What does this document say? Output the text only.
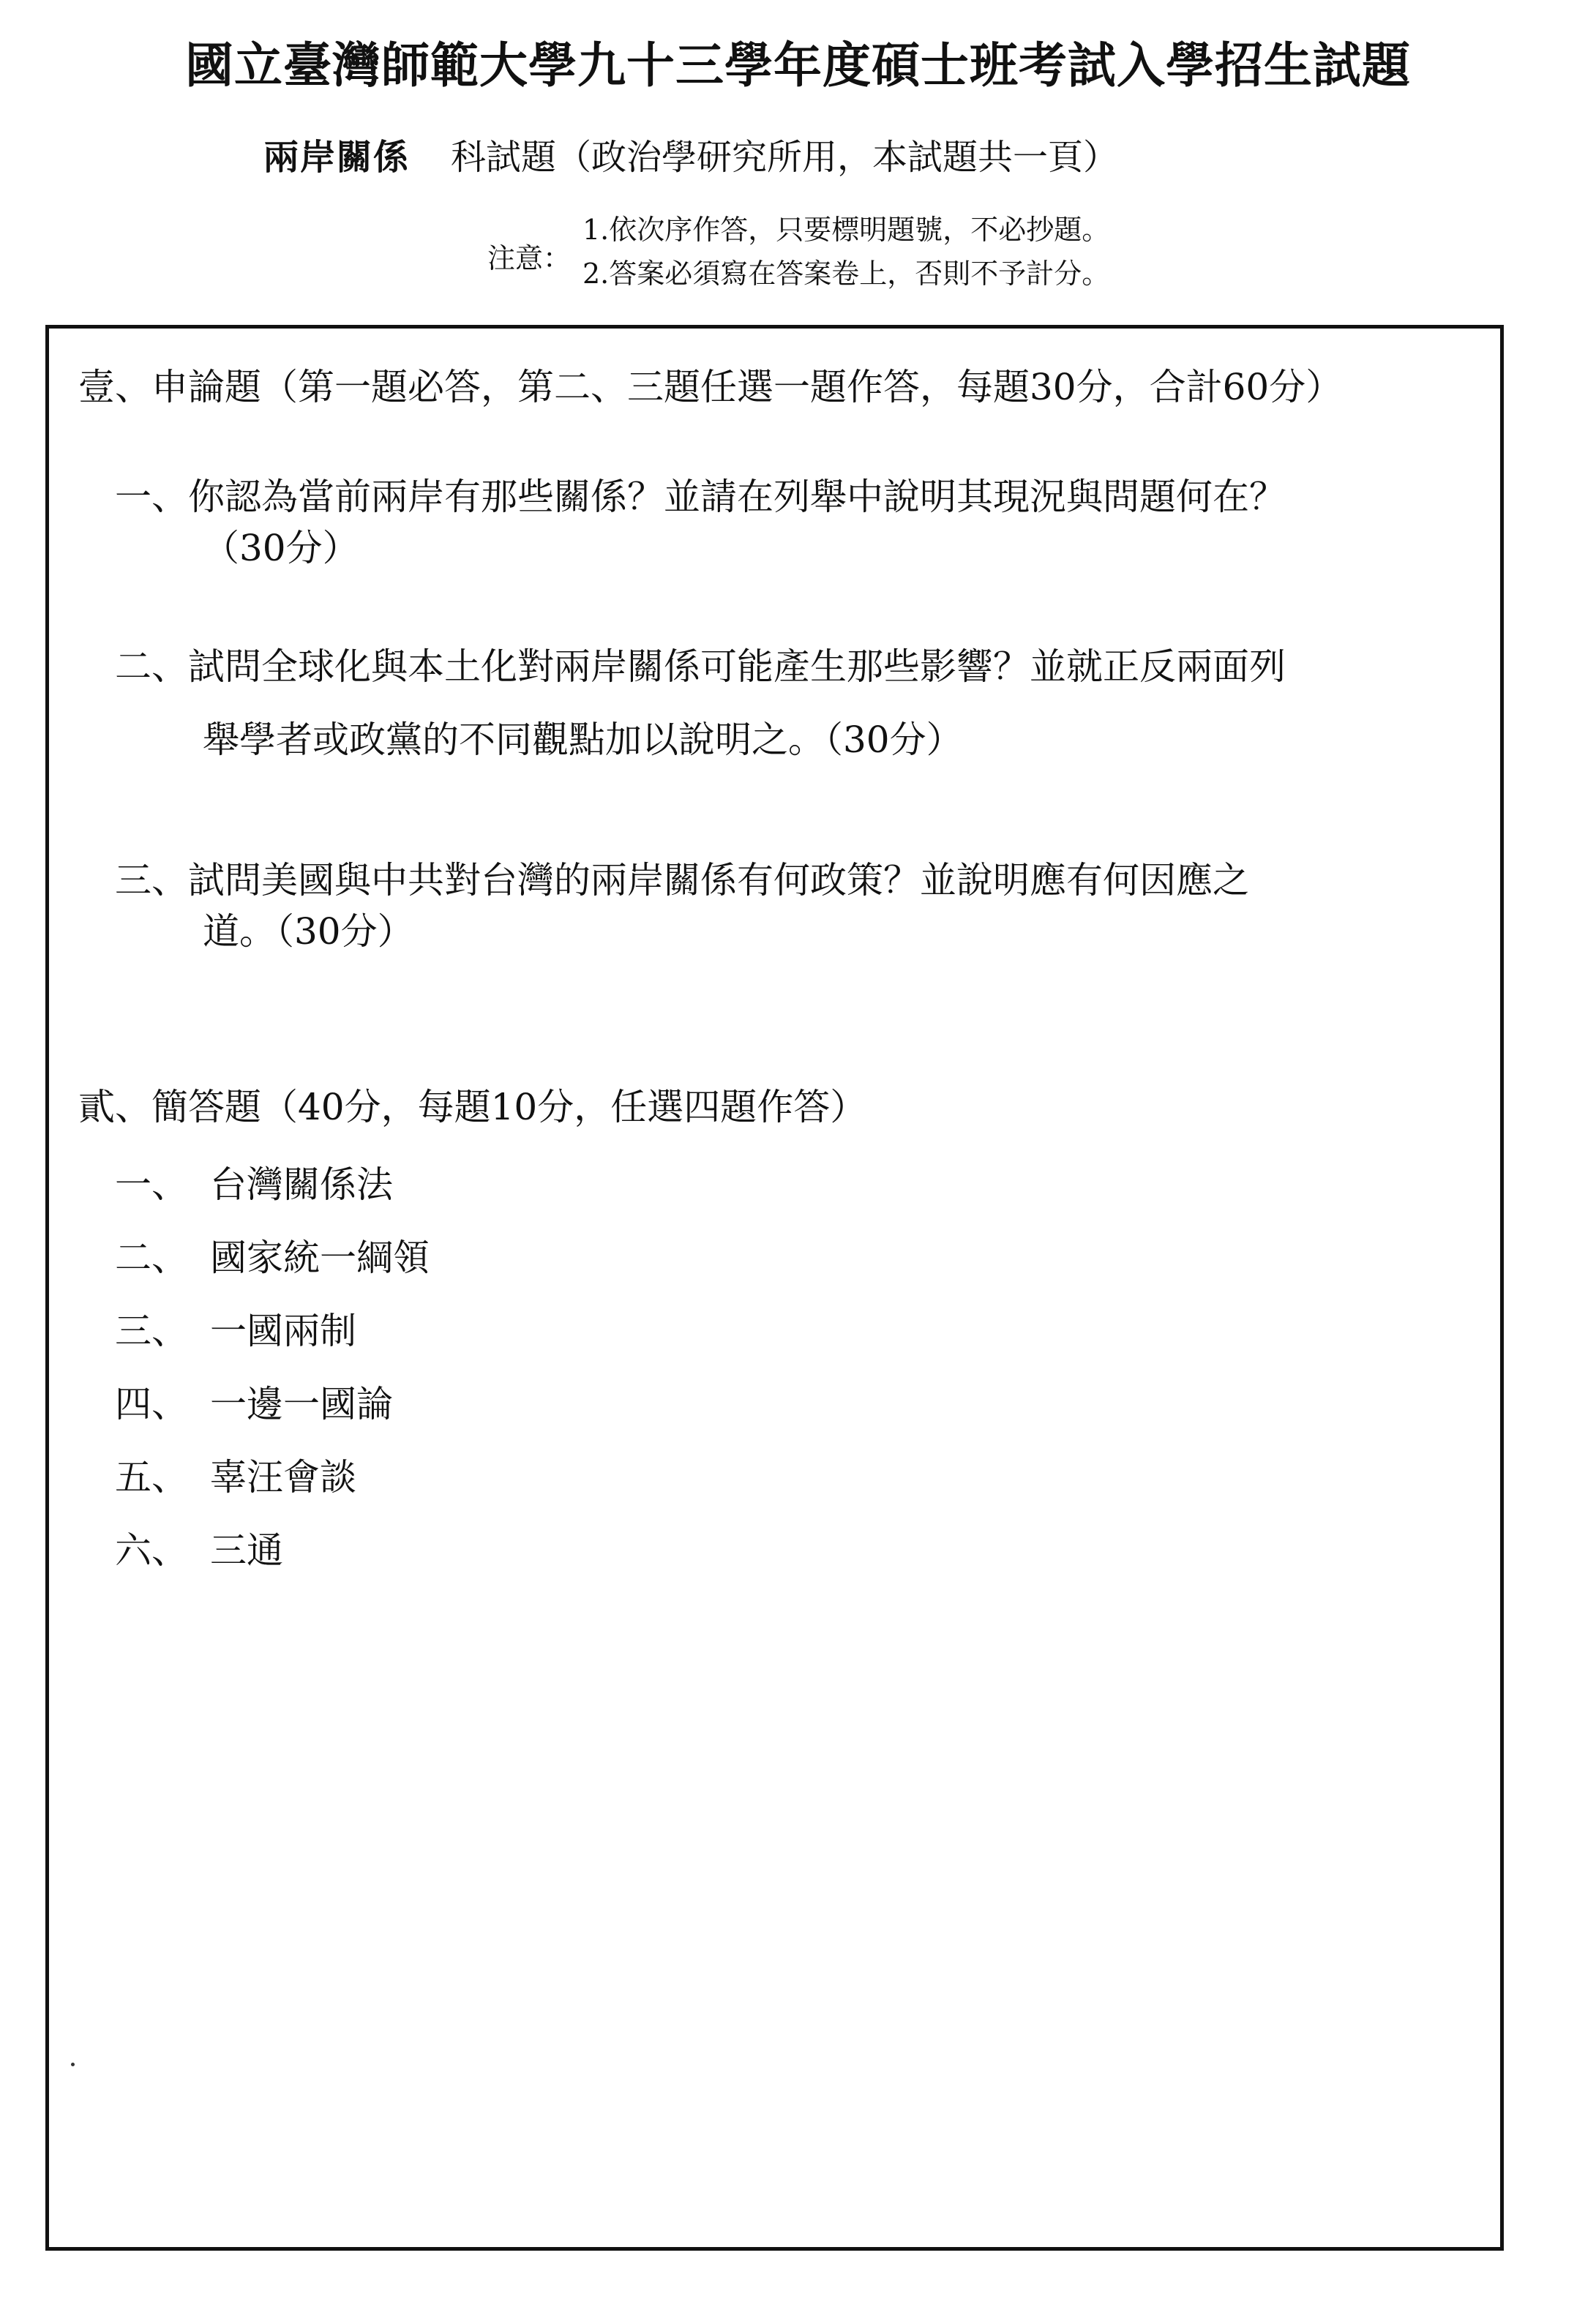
國立臺灣師範大學九十三學年度碩士班考試入學招生試題
兩岸關係 科試題（政治學研究所用，本試題共一頁）
注意：
1.依次序作答，只要標明題號，不必抄題。
2.答案必須寫在答案卷上，否則不予計分。
壹、申論題（第一題必答，第二、三題任選一題作答，每題30分，合計60分）
一、你認為當前兩岸有那些關係？並請在列舉中說明其現況與問題何在？
（30分）
二、試問全球化與本土化對兩岸關係可能產生那些影響？並就正反兩面列
舉學者或政黨的不同觀點加以說明之。（30分）
三、試問美國與中共對台灣的兩岸關係有何政策？並說明應有何因應之
道。（30分）
貳、簡答題（40分，每題10分，任選四題作答）
一、 台灣關係法
二、 國家統一綱領
三、 一國兩制
四、 一邊一國論
五、 辜汪會談
六、 三通
